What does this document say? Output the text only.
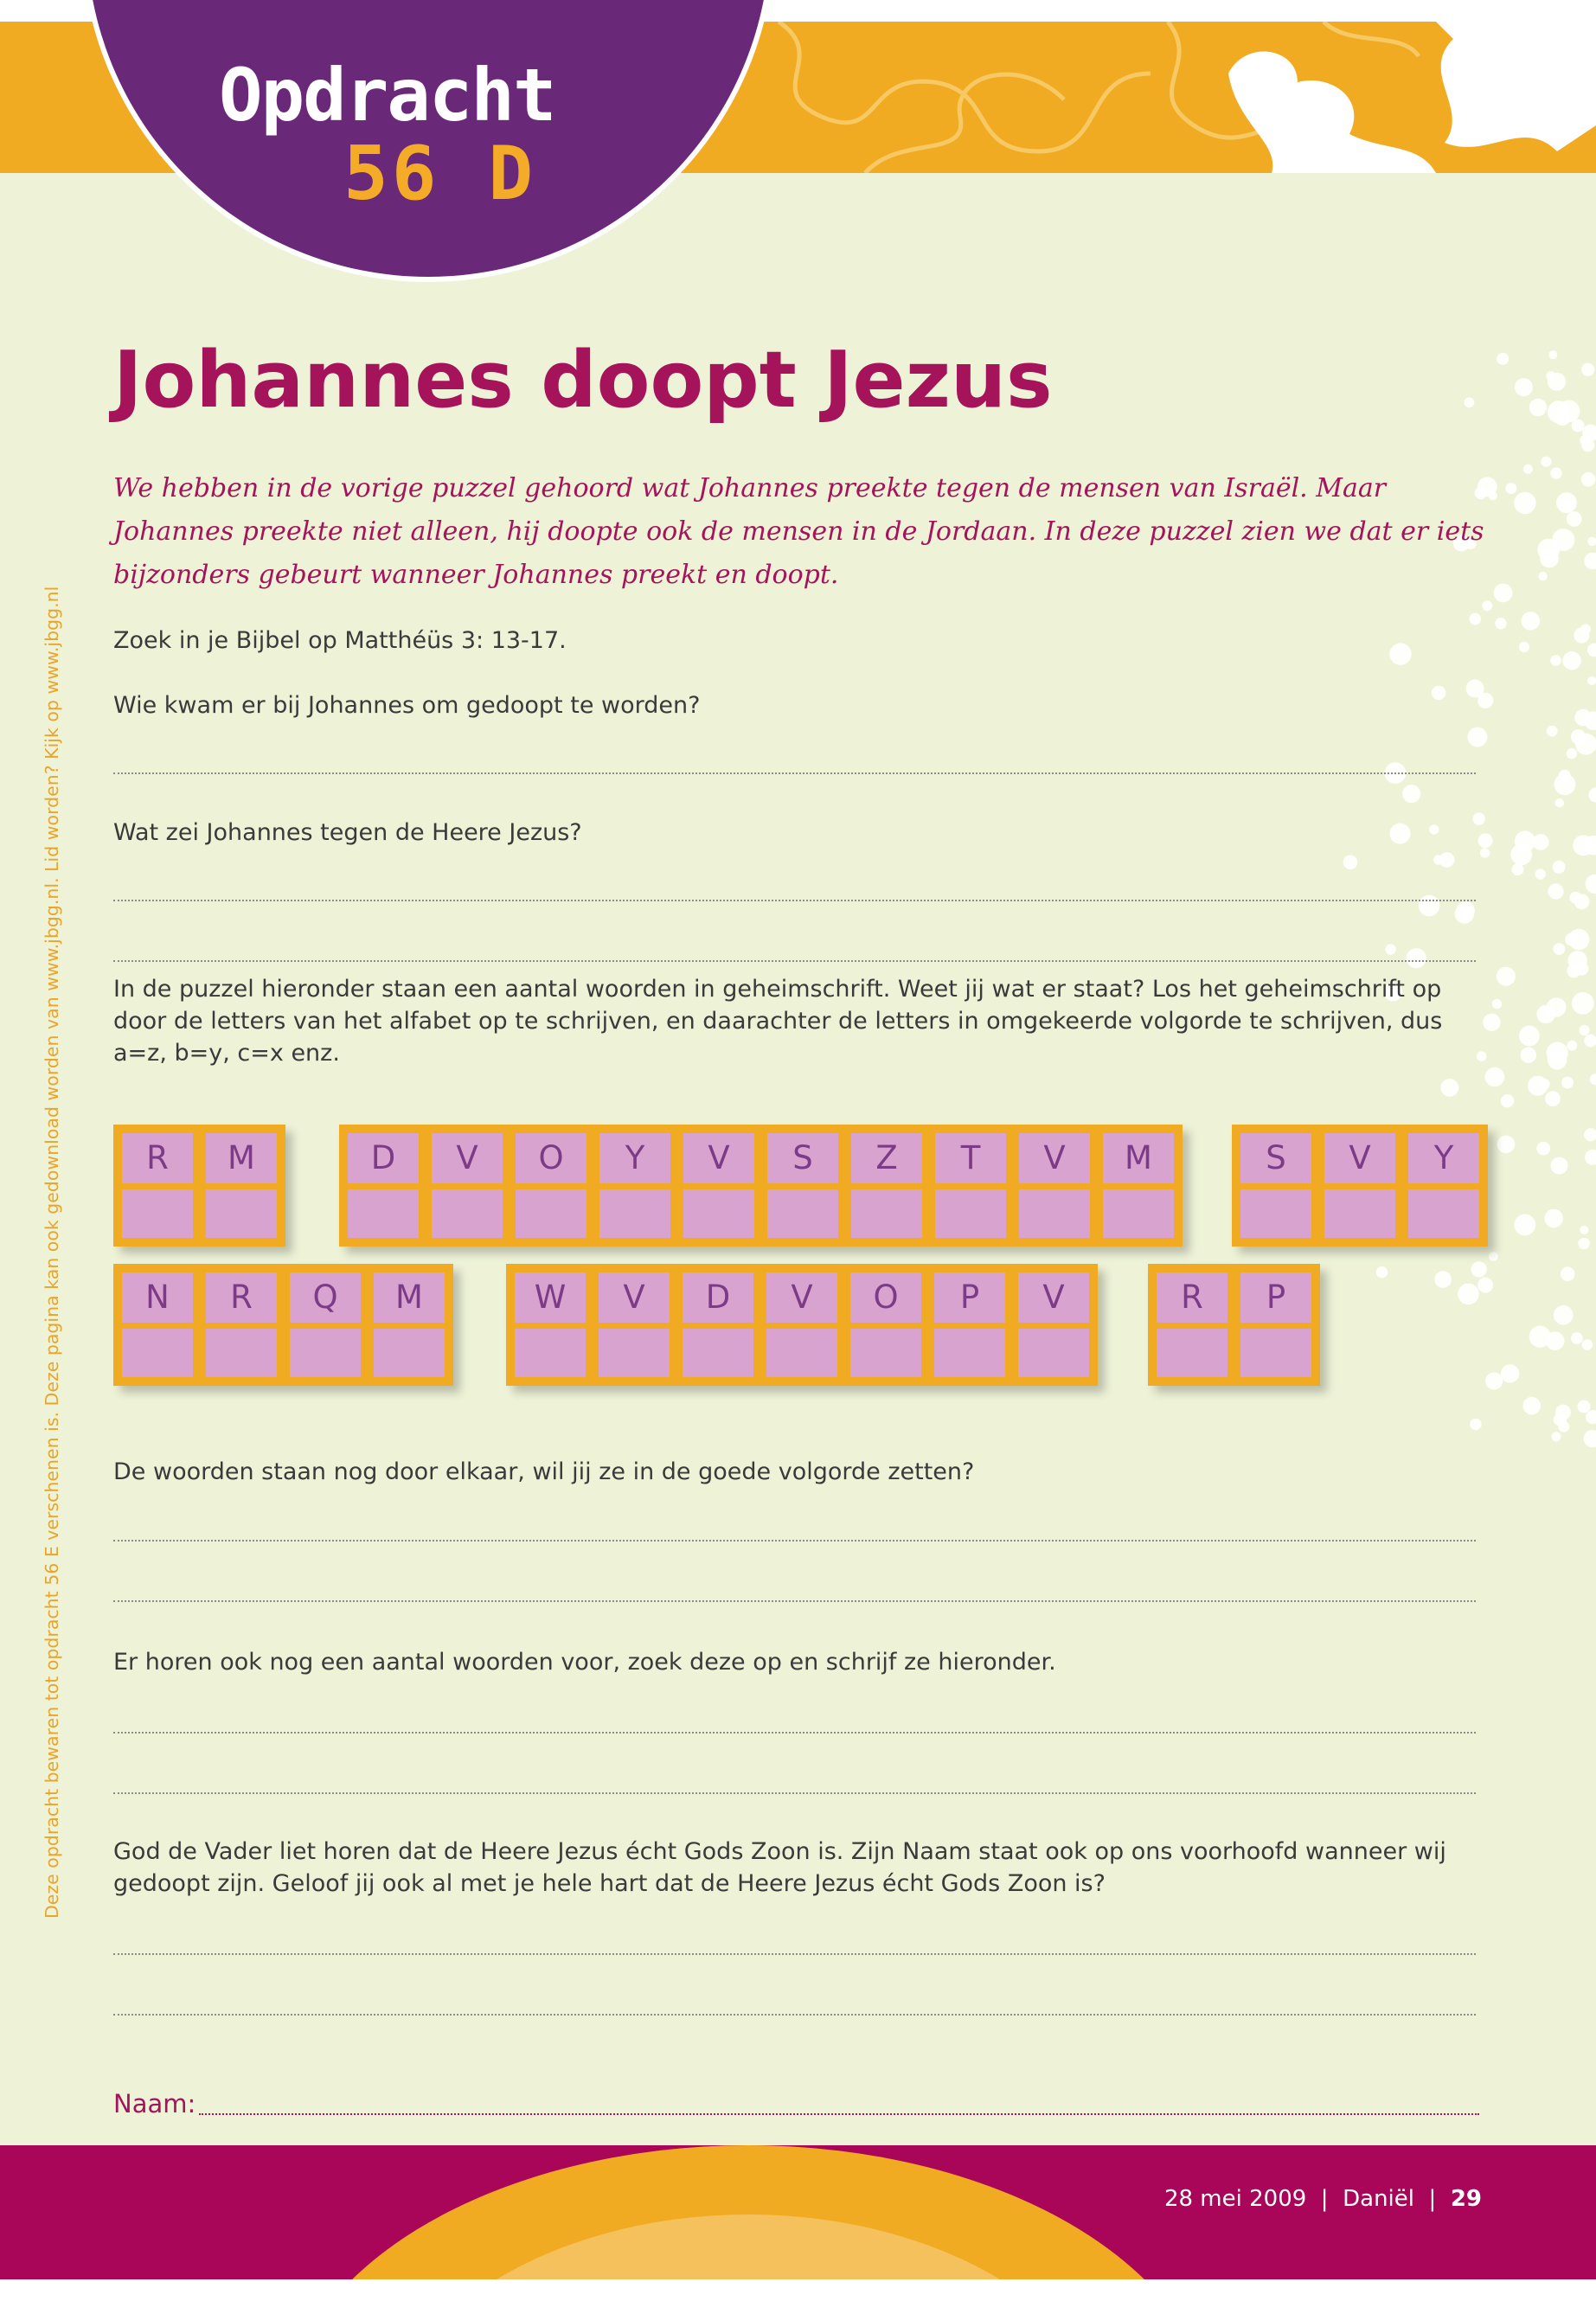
Opdracht
56 D
Deze opdracht bewaren tot opdracht 56 E verschenen is. Deze pagina kan ook gedownload worden van www.jbgg.nl. Lid worden? Kijk op www.jbgg.nl
Johannes doopt Jezus
We hebben in de vorige puzzel gehoord wat Johannes preekte tegen de mensen van Israël. Maar Johannes preekte niet alleen, hij doopte ook de mensen in de Jordaan. In deze puzzel zien we dat er iets bijzonders gebeurt wanneer Johannes preekt en doopt.
Zoek in je Bijbel op Matthéüs 3: 13-17.
Wie kwam er bij Johannes om gedoopt te worden?
Wat zei Johannes tegen de Heere Jezus?
In de puzzel hieronder staan een aantal woorden in geheimschrift. Weet jij wat er staat? Los het geheimschrift op door de letters van het alfabet op te schrijven, en daarachter de letters in omgekeerde volgorde te schrijven, dus a=z, b=y, c=x enz.
R	M	D	V	O	Y	V	S	Z	T	V	M	S	V	Y
N	R	Q	M	W	V	D	V	O	P	V	R	P
De woorden staan nog door elkaar, wil jij ze in de goede volgorde zetten?
Er horen ook nog een aantal woorden voor, zoek deze op en schrijf ze hieronder.
God de Vader liet horen dat de Heere Jezus écht Gods Zoon is. Zijn Naam staat ook op ons voorhoofd wanneer wij gedoopt zijn. Geloof jij ook al met je hele hart dat de Heere Jezus écht Gods Zoon is?
Naam:
28 mei 2009  |  Daniël  |  29
